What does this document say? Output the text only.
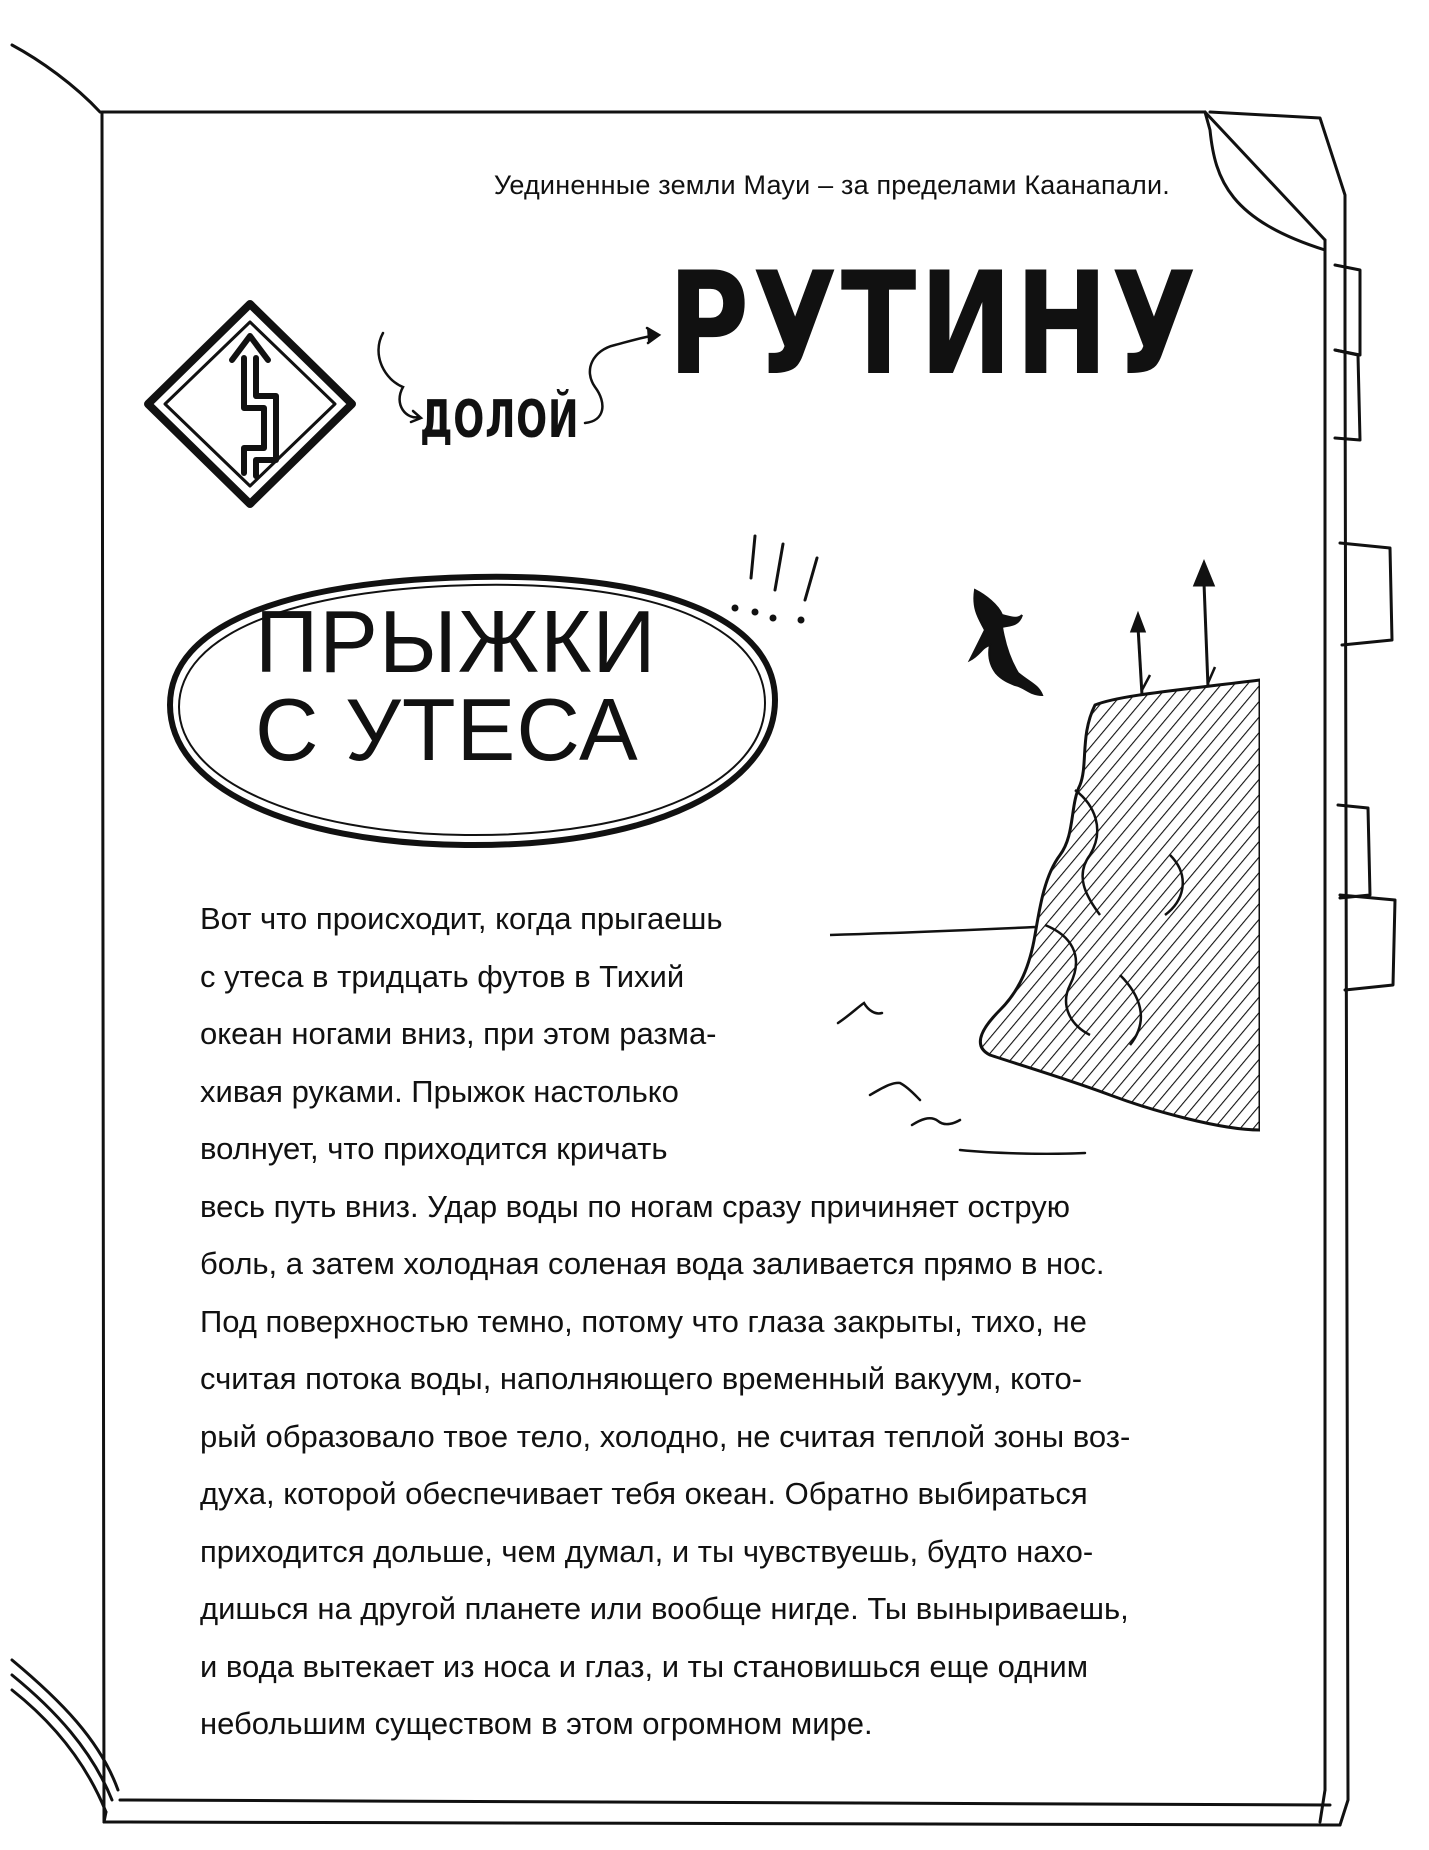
Уединенные земли Мауи – за пределами Каанапали.
ДОЛОЙ
РУТИНУ
ПРЫЖКИ
С УТЕСА
Вот что происходит, когда прыгаешь
с утеса в тридцать футов в Тихий
океан ногами вниз, при этом разма-
хивая руками. Прыжок настолько
волнует, что приходится кричать
весь путь вниз. Удар воды по ногам сразу причиняет острую
боль, а затем холодная соленая вода заливается прямо в нос.
Под поверхностью темно, потому что глаза закрыты, тихо, не
считая потока воды, наполняющего временный вакуум, кото-
рый образовало твое тело, холодно, не считая теплой зоны воз-
духа, которой обеспечивает тебя океан. Обратно выбираться
приходится дольше, чем думал, и ты чувствуешь, будто нахо-
дишься на другой планете или вообще нигде. Ты выныриваешь,
и вода вытекает из носа и глаз, и ты становишься еще одним
небольшим существом в этом огромном мире.
